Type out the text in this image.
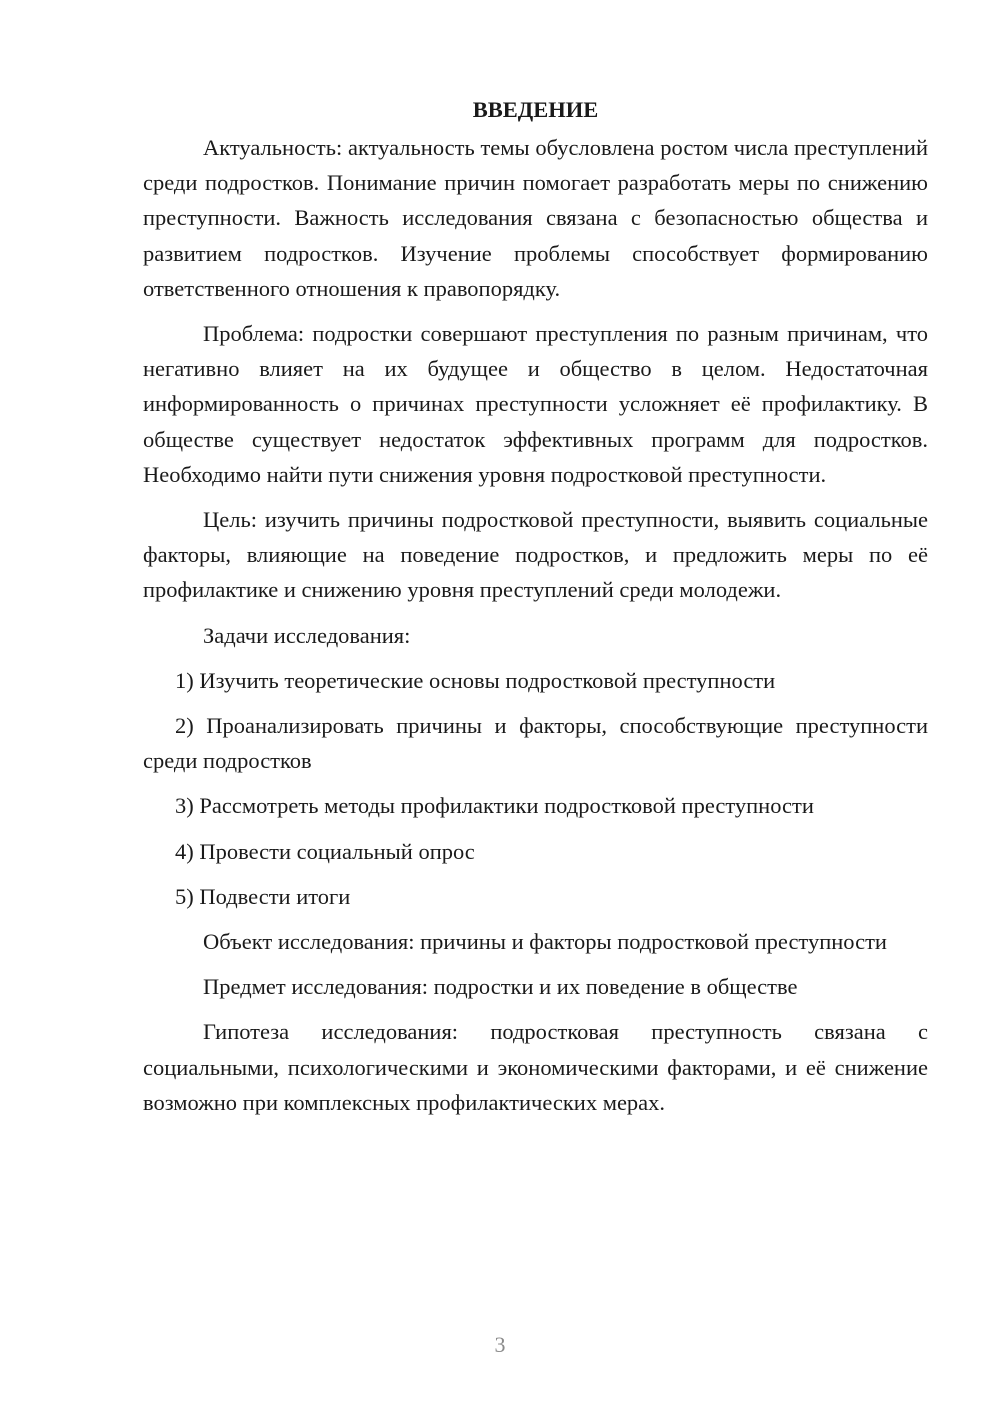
ВВЕДЕНИЕ

Актуальность: актуальность темы обусловлена ростом числа преступлений среди подростков. Понимание причин помогает разработать меры по снижению преступности. Важность исследования связана с безопасностью общества и развитием подростков. Изучение проблемы способствует формированию ответственного отношения к правопорядку.

Проблема: подростки совершают преступления по разным причинам, что негативно влияет на их будущее и общество в целом. Недостаточная информированность о причинах преступности усложняет её профилактику. В обществе существует недостаток эффективных программ для подростков. Необходимо найти пути снижения уровня подростковой преступности.

Цель: изучить причины подростковой преступности, выявить социальные факторы, влияющие на поведение подростков, и предложить меры по её профилактике и снижению уровня преступлений среди молодежи.

Задачи исследования:

1) Изучить теоретические основы подростковой преступности

2) Проанализировать причины и факторы, способствующие преступности среди подростков

3) Рассмотреть методы профилактики подростковой преступности

4) Провести социальный опрос

5) Подвести итоги

Объект исследования: причины и факторы подростковой преступности

Предмет исследования: подростки и их поведение в обществе

Гипотеза исследования: подростковая преступность связана с социальными, психологическими и экономическими факторами, и её снижение возможно при комплексных профилактических мерах.

3
